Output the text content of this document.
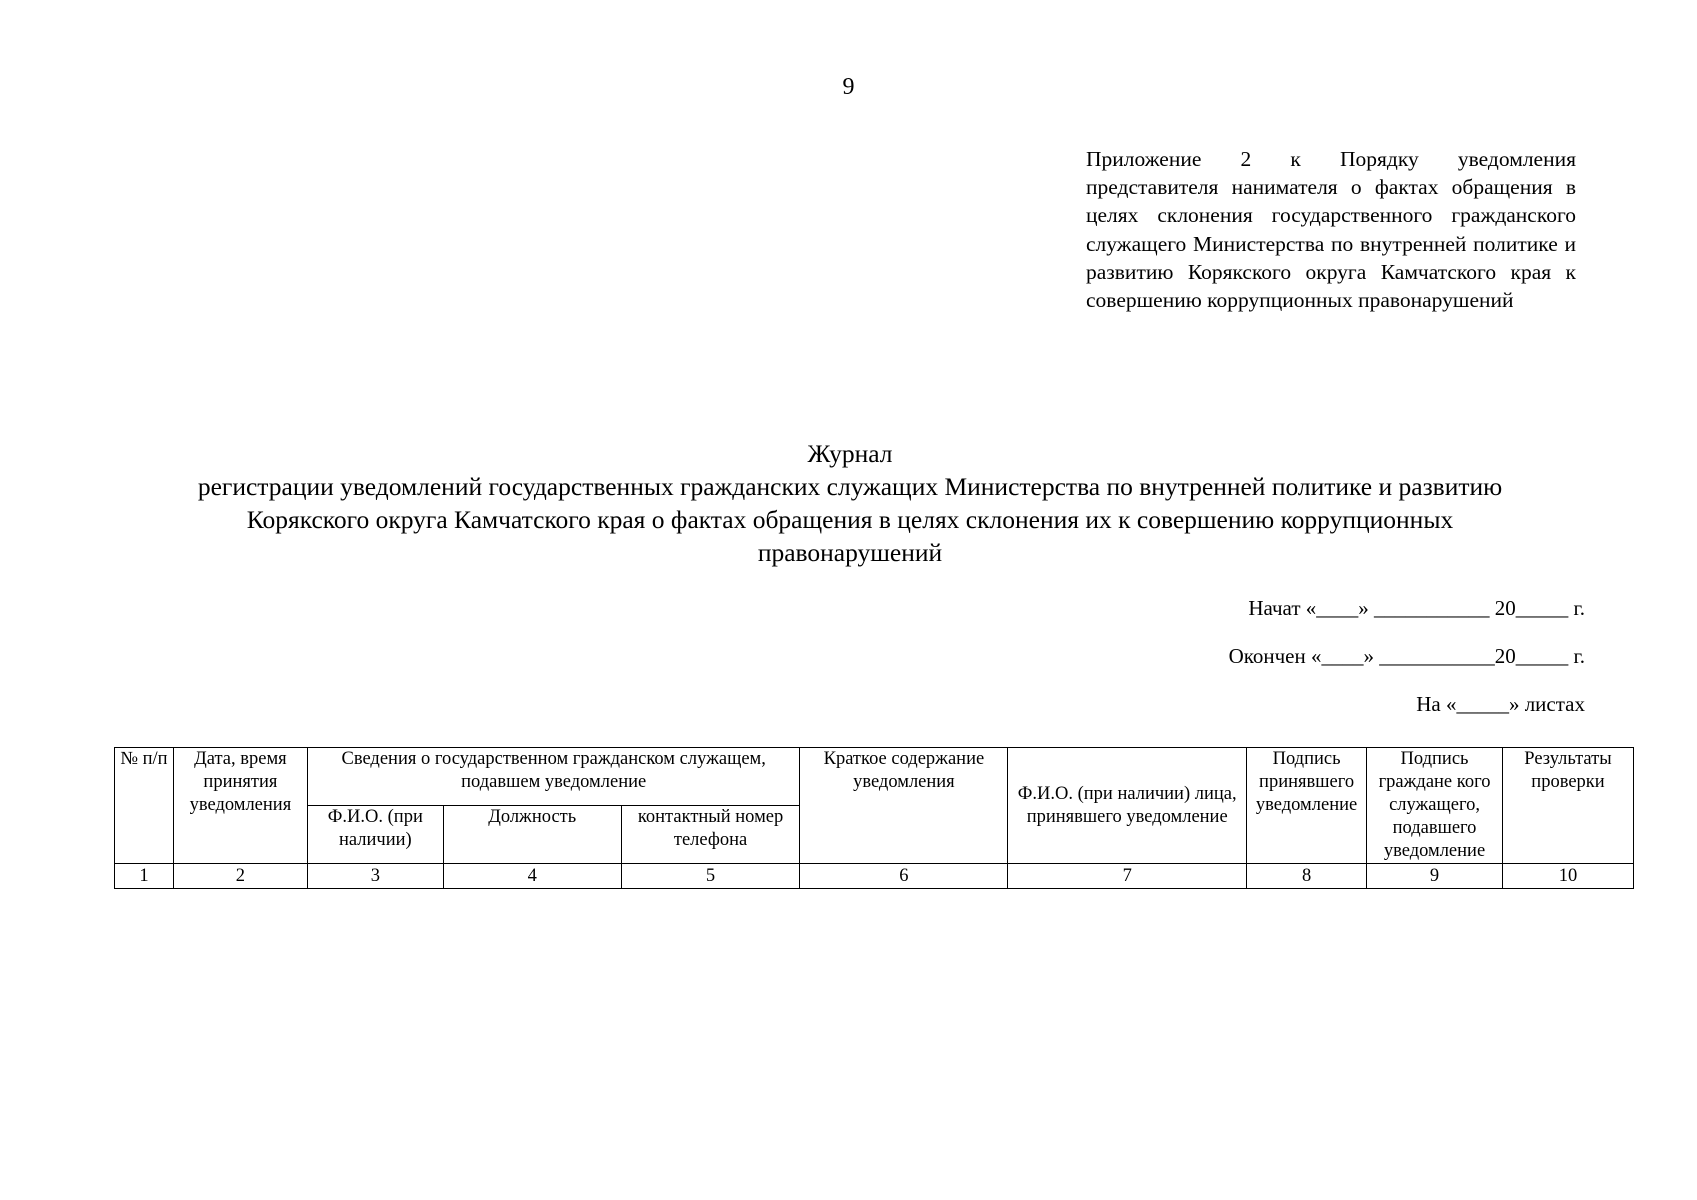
9
Приложение 2 к Порядку уведомления представителя нанимателя о фактах обращения в целях склонения государственного гражданского служащего Министерства по внутренней политике и развитию Корякского округа Камчатского края к совершению коррупционных правонарушений
Журнал
регистрации уведомлений государственных гражданских служащих Министерства по внутренней политике и развитию
Корякского округа Камчатского края о фактах обращения в целях склонения их к совершению коррупционных
правонарушений
Начат «____» ___________ 20_____ г.
Окончен «____» ___________20_____ г.
На «_____» листах
№ п/п	Дата, время принятия уведомления	Сведения о государственном гражданском служащем, подавшем уведомление			Краткое содержание уведомления	Ф.И.О. (при наличии) лица, принявшего уведомление	Подпись принявшего уведомление	Подпись граждане кого служащего, подавшего уведомление	Результаты проверки
		Ф.И.О. (при наличии)	Должность	контактный номер телефона					
1	2	3	4	5	6	7	8	9	10
